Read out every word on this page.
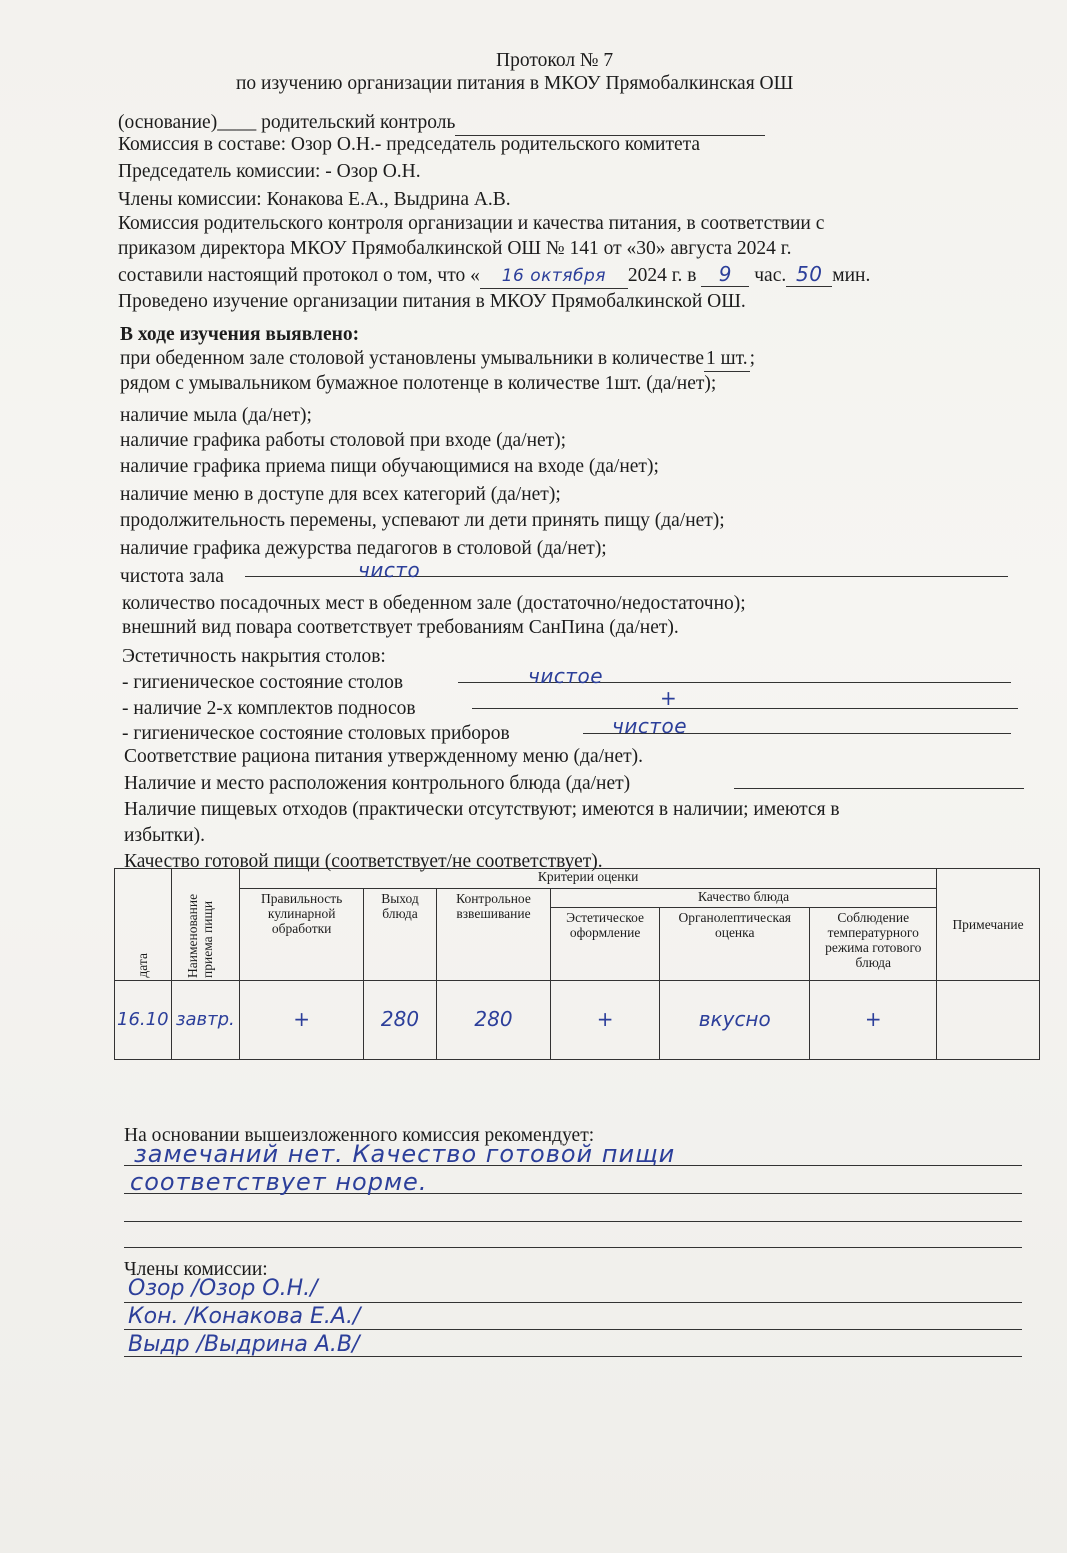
Протокол № 7
по изучению организации питания в МКОУ Прямобалкинская ОШ
(основание)____ родительский контроль
Комиссия в составе: Озор О.Н.- председатель родительского комитета
Председатель комиссии: - Озор О.Н.
Члены комиссии: Конакова Е.А., Выдрина А.В.
Комиссия родительского контроля организации и качества питания, в соответствии с
приказом директора МКОУ Прямобалкинской ОШ № 141 от «30» августа 2024 г.
составили настоящий протокол о том, что « 16 октября 2024 г. в 9 час. 50 мин.
Проведено изучение организации питания в МКОУ Прямобалкинской ОШ.
В ходе изучения выявлено:
при обеденном зале столовой установлены умывальники в количестве 1 шт. ;
рядом с умывальником бумажное полотенце в количестве 1шт. (да/нет);
наличие мыла (да/нет);
наличие графика работы столовой при входе (да/нет);
наличие графика приема пищи обучающимися на входе (да/нет);
наличие меню в доступе для всех категорий (да/нет);
продолжительность перемены, успевают ли дети принять пищу (да/нет);
наличие графика дежурства педагогов в столовой (да/нет);
чистота зала	чисто
количество посадочных мест в обеденном зале (достаточно/недостаточно);
внешний вид повара соответствует требованиям СанПина (да/нет).
Эстетичность накрытия столов:
- гигиеническое состояние столов	чистое
- наличие 2-х комплектов подносов	+
- гигиеническое состояние столовых приборов	чистое
Соответствие рациона питания утвержденному меню (да/нет).
Наличие и место расположения контрольного блюда (да/нет)
Наличие пищевых отходов (практически отсутствуют; имеются в наличии; имеются в
избытки).
Качество готовой пищи (соответствует/не соответствует).
дата	Наименование приема пищи	Критерии оценки						Примечание
		Правильность кулинарной обработки	Выход блюда	Контрольное взвешивание	Качество блюда			
					Эстетическое оформление	Органолептическая оценка	Соблюдение температурного режима готового блюда	
16.10	завтр.	+	280	280	+	вкусно	+	
На основании вышеизложенного комиссия рекомендует:
замечаний нет. Качество готовой пищи
соответствует норме.
Члены комиссии:
Озор /Озор О.Н./
Кон. /Конакова Е.А./
Выдр /Выдрина А.В/
